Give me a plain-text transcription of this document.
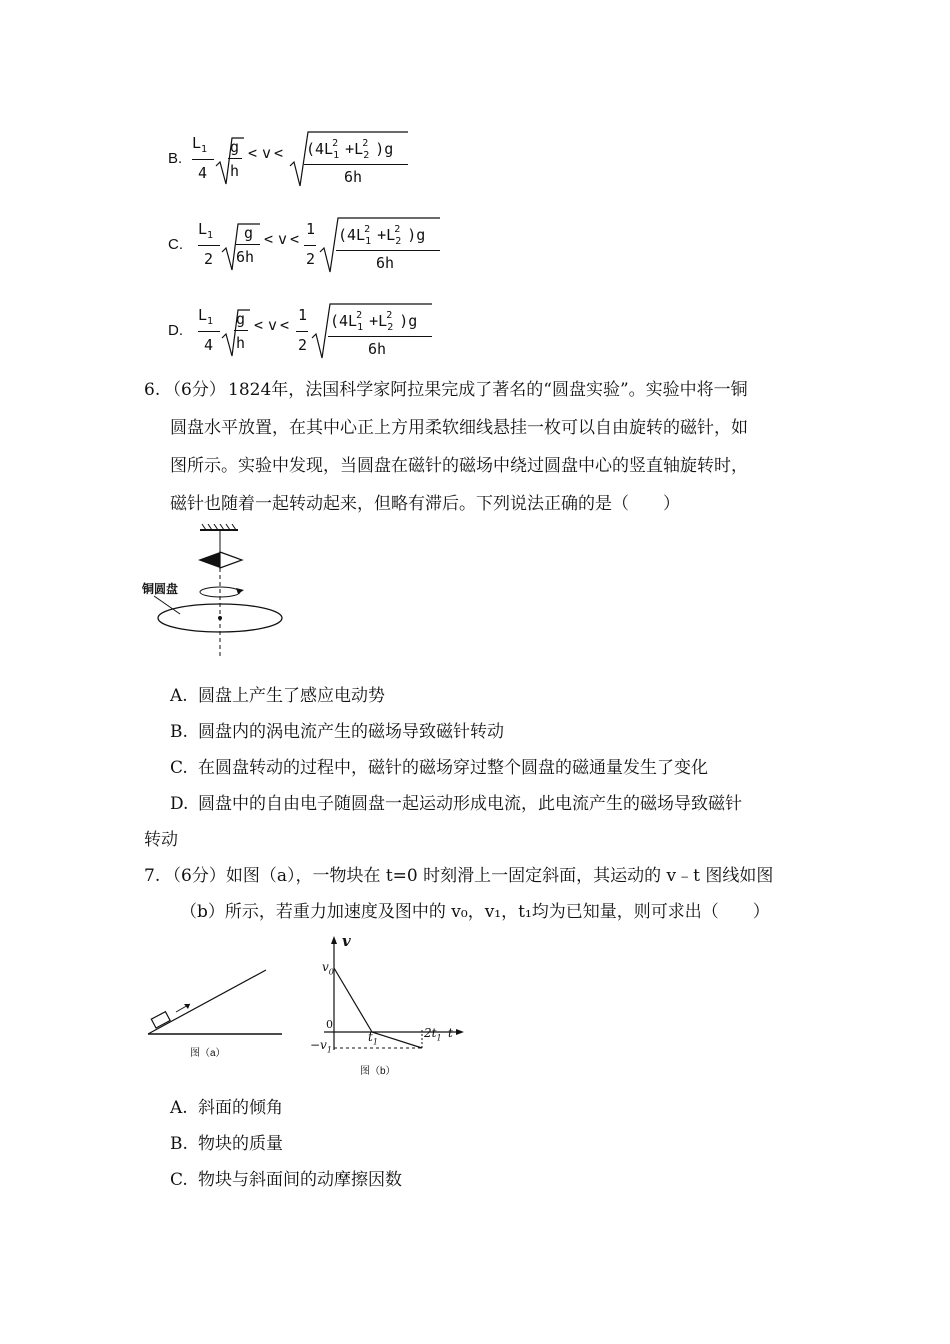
B.
$L_1$
4
g
h
< $v < (4L_1^2 +L_2^2$ )g
6h
C.
$L_1$
2
g
6h
< v <
1
2
($4L_1^2 +L_2^2$ )g
6h
D.
$L_1$
4
g
h
< v <
1
2
($4L_1^2 +L_2^2$ )g
6h
6. （6分） 1824年，法国科学家阿拉果完成了著名的“圆盘实验”。实验中将一铜
圆盘水平放置，在其中心正上方用柔软细线悬挂一枚可以自由旋转的磁针，如
图所示。实验中发现，当圆盘在磁针的磁场中绕过圆盘中心的竖直轴旋转时，
磁针也随着一起转动起来，但略有滞后。下列说法正确的是（　　）
铜圆盘
A. 圆盘上产生了感应电动势
B. 圆盘内的涡电流产生的磁场导致磁针转动
C. 在圆盘转动的过程中，磁针的磁场穿过整个圆盘的磁通量发生了变化
D. 圆盘中的自由电子随圆盘一起运动形成电流，此电流产生的磁场导致磁针
转动
7. （6分）如图（a），一物块在 t=0 时刻滑上一固定斜面，其运动的 v﹣t 图线如图
（b）所示，若重力加速度及图中的 v₀，v₁，t₁均为已知量，则可求出（　　）
图（a）
v
$v_0$
0
$t_1$
$2t_1$ t
$-v_1$
图（b）
A. 斜面的倾角
B. 物块的质量
C. 物块与斜面间的动摩擦因数
